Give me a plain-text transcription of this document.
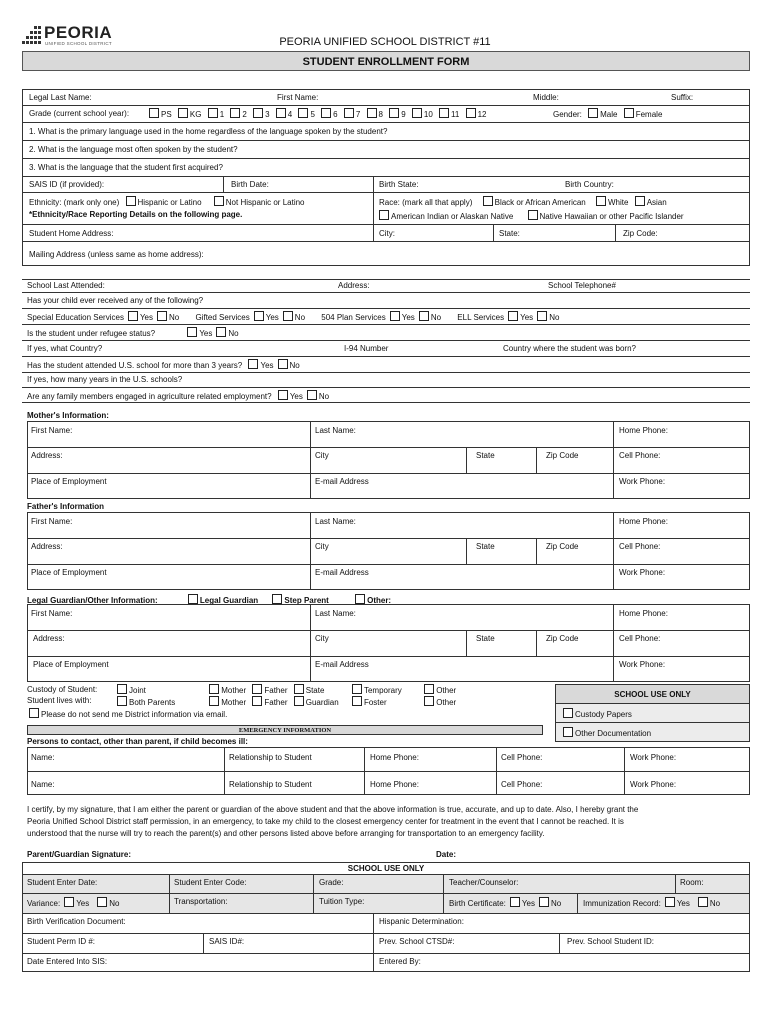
PEORIA
UNIFIED SCHOOL DISTRICT	PEORIA UNIFIED SCHOOL DISTRICT #11
STUDENT ENROLLMENT FORM
Legal Last Name:	First Name:	Middle:	Suffix:
Grade (current school year):	PS KG 1 2 3 4 5 6 7 8 9 10 11 12	Gender: Male Female
1. What is the primary language used in the home regardless of the language spoken by the student?
2. What is the language most often spoken by the student?
3. What is the language that the student first acquired?
SAIS ID (if provided):	Birth Date:	Birth State:	Birth Country:
Ethnicity: (mark only one) Hispanic or Latino	Not Hispanic or Latino
*Ethnicity/Race Reporting Details on the following page.
Race: (mark all that apply)	Black or African American	White Asian
American Indian or Alaskan Native	Native Hawaiian or other Pacific Islander
Student Home Address:	City:	State:	Zip Code:
Mailing Address (unless same as home address):
School Last Attended:	Address:	School Telephone#
Has your child ever received any of the following?
Special Education Services Yes No Gifted Services Yes No 504 Plan Services Yes No ELL Services Yes No
Is the student under refugee status?	Yes No
If yes, what Country?	I-94 Number	Country where the student was born?
Has the student attended U.S. school for more than 3 years? Yes No
If yes, how many years in the U.S. schools?
Are any family members engaged in agriculture related employment? Yes No
Mother's Information:
First Name:	Last Name:	Home Phone:
Address:	City	State	Zip Code	Cell Phone:
Place of Employment	E-mail Address	Work Phone:
Father's Information
First Name:	Last Name:	Home Phone:
Address:	City	State	Zip Code	Cell Phone:
Place of Employment	E-mail Address	Work Phone:
Legal Guardian/Other Information:	Legal Guardian	Step Parent	Other:
First Name:	Last Name:	Home Phone:
Address:	City	State	Zip Code	Cell Phone:
Place of Employment	E-mail Address	Work Phone:
Custody of Student:
Student lives with:
Joint	Mother Father State	Temporary	Other
Both Parents	Mother Father Guardian	Foster	Other
Please do not send me District information via email.
SCHOOL USE ONLY
Custody Papers
Other Documentation
EMERGENCY INFORMATION
Persons to contact, other than parent, if child becomes ill:
Name:	Relationship to Student	Home Phone:	Cell Phone:	Work Phone:
Name:	Relationship to Student	Home Phone:	Cell Phone:	Work Phone:
I certify, by my signature, that I am either the parent or guardian of the above student and that the above information is true, accurate, and up to date. Also, I hereby grant the
Peoria Unified School District staff permission, in an emergency, to take my child to the closest emergency center for treatment in the event that I cannot be reached. It is
understood that the nurse will try to reach the parent(s) and other persons listed above before arranging for transportation to an emergency facility.
Parent/Guardian Signature:	Date:
SCHOOL USE ONLY
Student Enter Date:	Student Enter Code:	Grade:	Teacher/Counselor:	Room:
Variance: Yes	No	Transportation:	Tuition Type:	Birth Certificate: Yes No	Immunization Record: Yes	No
Birth Verification Document:	Hispanic Determination:
Student Perm ID #:	SAIS ID#:	Prev. School CTSD#:	Prev. School Student ID:
Date Entered Into SIS:	Entered By:
